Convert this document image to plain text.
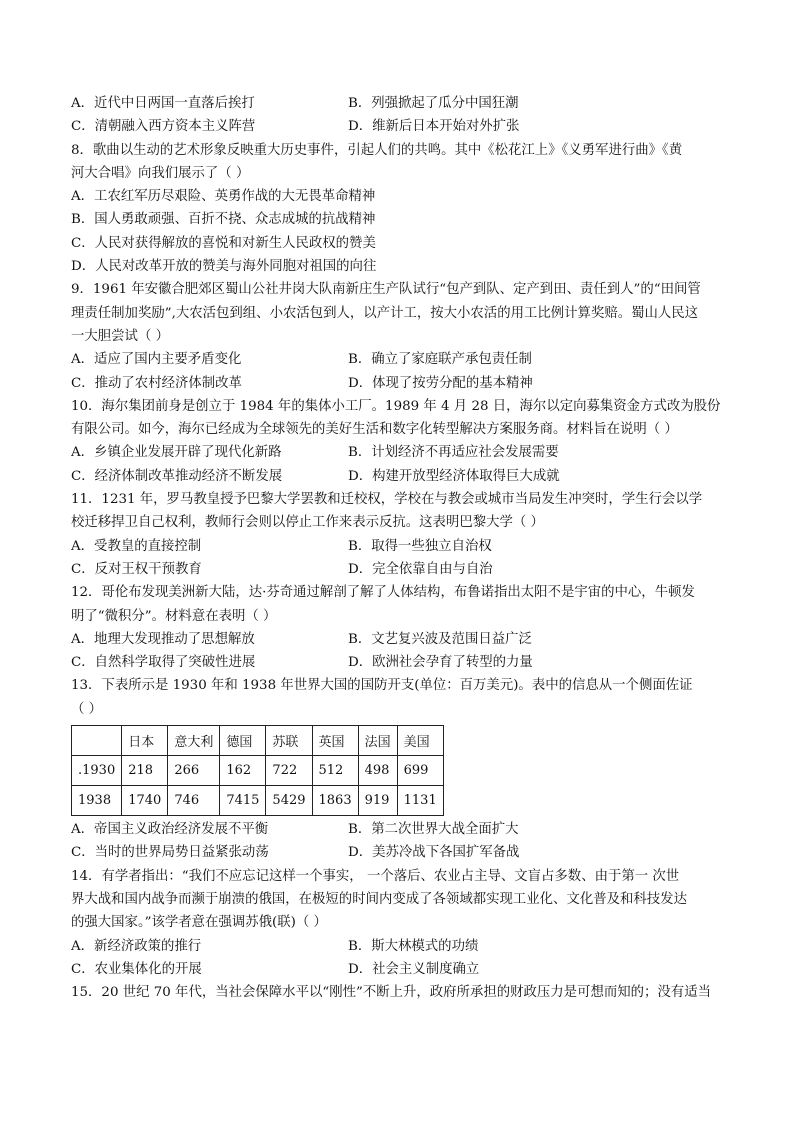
A．近代中日两国一直落后挨打	B．列强掀起了瓜分中国狂潮
C．清朝融入西方资本主义阵营	D．维新后日本开始对外扩张
8．歌曲以生动的艺术形象反映重大历史事件，引起人们的共鸣。其中《松花江上》《义勇军进行曲》《黄
河大合唱》向我们展示了（ ）
A．工农红军历尽艰险、英勇作战的大无畏革命精神
B．国人勇敢顽强、百折不挠、众志成城的抗战精神
C．人民对获得解放的喜悦和对新生人民政权的赞美
D．人民对改革开放的赞美与海外同胞对祖国的向往
9．1961 年安徽合肥郊区蜀山公社井岗大队南新庄生产队试行“包产到队、定产到田、责任到人”的“田间管
理责任制加奖励”,大农活包到组、小农活包到人，以产计工，按大小农活的用工比例计算奖赔。蜀山人民这
一大胆尝试（ ）
A．适应了国内主要矛盾变化	B．确立了家庭联产承包责任制
C．推动了农村经济体制改革	D．体现了按劳分配的基本精神
10．海尔集团前身是创立于 1984 年的集体小工厂。1989 年 4 月 28 日，海尔以定向募集资金方式改为股份
有限公司。如今，海尔已经成为全球领先的美好生活和数字化转型解决方案服务商。材料旨在说明（ ）
A．乡镇企业发展开辟了现代化新路	B．计划经济不再适应社会发展需要
C．经济体制改革推动经济不断发展	D．构建开放型经济体取得巨大成就
11．1231 年，罗马教皇授予巴黎大学罢教和迁校权，学校在与教会或城市当局发生冲突时，学生行会以学
校迁移捍卫自己权利，教师行会则以停止工作来表示反抗。这表明巴黎大学（ ）
A．受教皇的直接控制	B．取得一些独立自治权
C．反对王权干预教育	D．完全依靠自由与自治
12．哥伦布发现美洲新大陆，达·芬奇通过解剖了解了人体结构，布鲁诺指出太阳不是宇宙的中心，牛顿发
明了“微积分”。材料意在表明（ ）
A．地理大发现推动了思想解放	B．文艺复兴波及范围日益广泛
C．自然科学取得了突破性进展	D．欧洲社会孕育了转型的力量
13．下表所示是 1930 年和 1938 年世界大国的国防开支(单位：百万美元)。表中的信息从一个侧面佐证
（ ）
	日本	意大利	德国	苏联	英国	法国	美国
.1930	218	266	162	722	512	498	699
1938	1740	746	7415	5429	1863	919	1131
A．帝国主义政治经济发展不平衡	B．第二次世界大战全面扩大
C．当时的世界局势日益紧张动荡	D．美苏冷战下各国扩军备战
14．有学者指出：“我们不应忘记这样一个事实， 一个落后、农业占主导、文盲占多数、由于第一 次世
界大战和国内战争而濒于崩溃的俄国，在极短的时间内变成了各领域都实现工业化、文化普及和科技发达
的强大国家。”该学者意在强调苏俄(联)（ ）
A．新经济政策的推行	B．斯大林模式的功绩
C．农业集体化的开展	D．社会主义制度确立
15．20 世纪 70 年代，当社会保障水平以“刚性”不断上升，政府所承担的财政压力是可想而知的；没有适当
